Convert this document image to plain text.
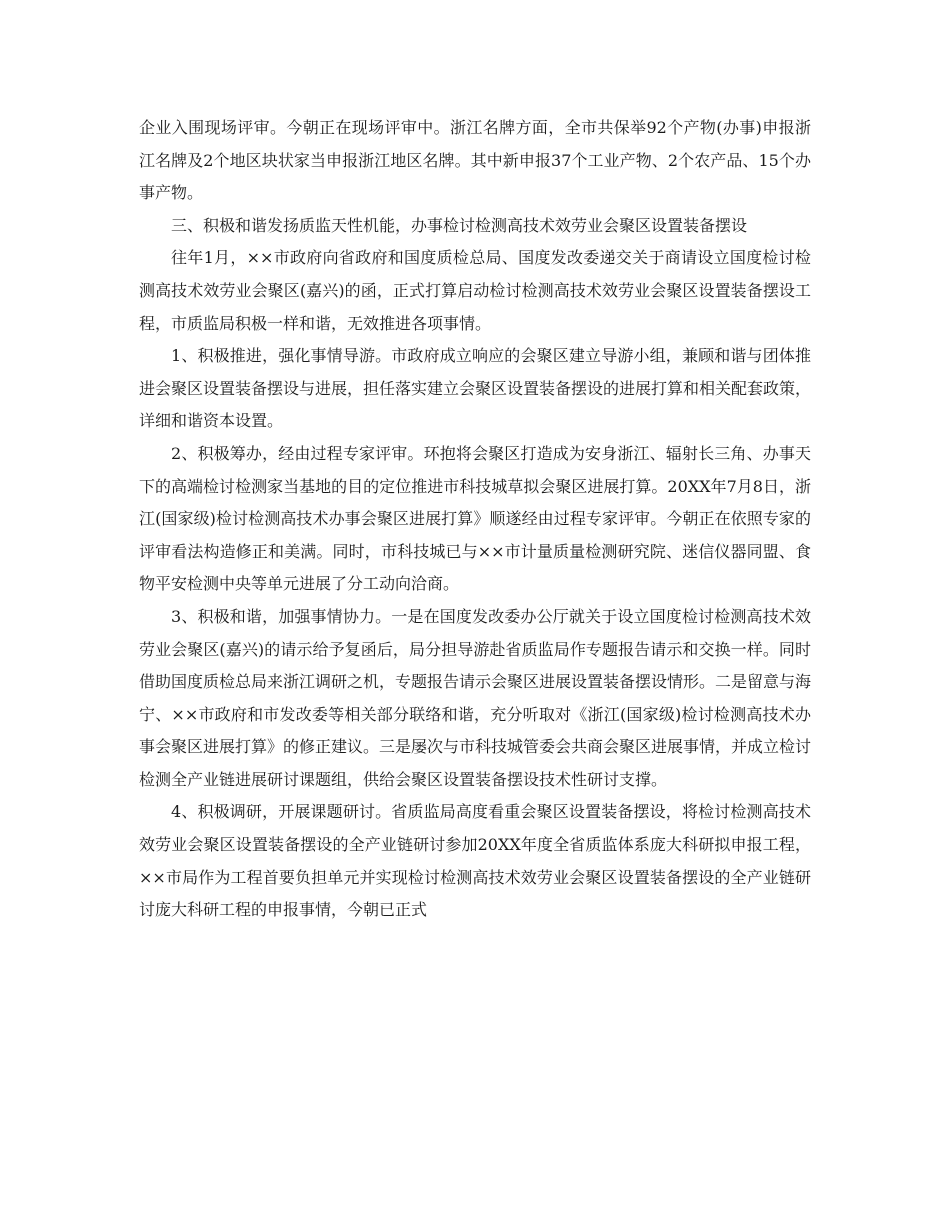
企业入围现场评审。今朝正在现场评审中。浙江名牌方面，全市共保举92个产物(办事)申报浙江名牌及2个地区块状家当申报浙江地区名牌。其中新申报37个工业产物、2个农产品、15个办事产物。

三、积极和谐发扬质监天性机能，办事检讨检测高技术效劳业会聚区设置装备摆设

往年1月，××市政府向省政府和国度质检总局、国度发改委递交关于商请设立国度检讨检测高技术效劳业会聚区(嘉兴)的函，正式打算启动检讨检测高技术效劳业会聚区设置装备摆设工程，市质监局积极一样和谐，无效推进各项事情。

1、积极推进，强化事情导游。市政府成立响应的会聚区建立导游小组，兼顾和谐与团体推进会聚区设置装备摆设与进展，担任落实建立会聚区设置装备摆设的进展打算和相关配套政策，详细和谐资本设置。

2、积极筹办，经由过程专家评审。环抱将会聚区打造成为安身浙江、辐射长三角、办事天下的高端检讨检测家当基地的目的定位推进市科技城草拟会聚区进展打算。20XX年7月8日，浙江(国家级)检讨检测高技术办事会聚区进展打算》顺遂经由过程专家评审。今朝正在依照专家的评审看法构造修正和美满。同时，市科技城已与××市计量质量检测研究院、迷信仪器同盟、食物平安检测中央等单元进展了分工动向洽商。

3、积极和谐，加强事情协力。一是在国度发改委办公厅就关于设立国度检讨检测高技术效劳业会聚区(嘉兴)的请示给予复函后，局分担导游赴省质监局作专题报告请示和交换一样。同时借助国度质检总局来浙江调研之机，专题报告请示会聚区进展设置装备摆设情形。二是留意与海宁、××市政府和市发改委等相关部分联络和谐，充分听取对《浙江(国家级)检讨检测高技术办事会聚区进展打算》的修正建议。三是屡次与市科技城管委会共商会聚区进展事情，并成立检讨检测全产业链进展研讨课题组，供给会聚区设置装备摆设技术性研讨支撑。

4、积极调研，开展课题研讨。省质监局高度看重会聚区设置装备摆设，将检讨检测高技术效劳业会聚区设置装备摆设的全产业链研讨参加20XX年度全省质监体系庞大科研拟申报工程，××市局作为工程首要负担单元并实现检讨检测高技术效劳业会聚区设置装备摆设的全产业链研讨庞大科研工程的申报事情，今朝已正式
